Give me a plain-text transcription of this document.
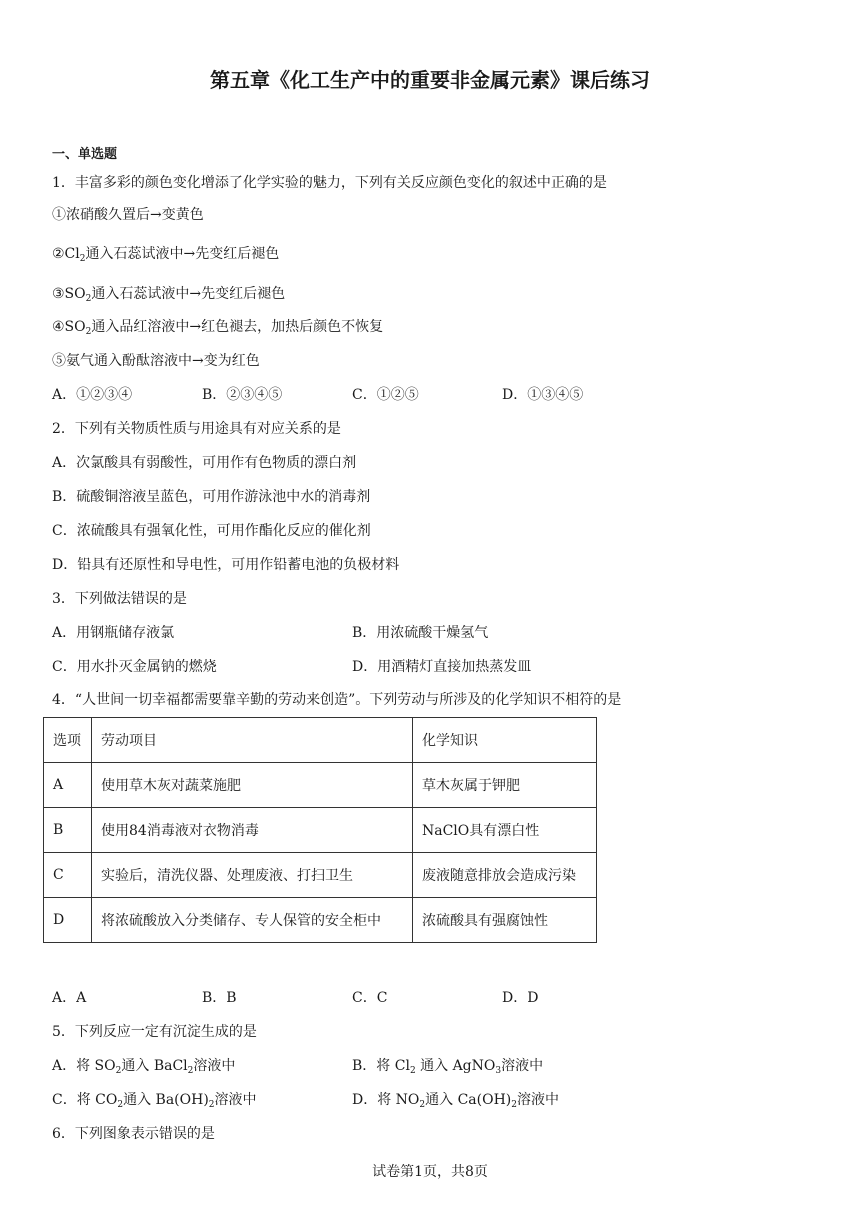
第五章《化工生产中的重要非金属元素》课后练习
一、单选题
1．丰富多彩的颜色变化增添了化学实验的魅力，下列有关反应颜色变化的叙述中正确的是
①浓硝酸久置后→变黄色
$②Cl_2$通入石蕊试液中→先变红后褪色
$③SO_2$通入石蕊试液中→先变红后褪色
$④SO_2$通入品红溶液中→红色褪去，加热后颜色不恢复
⑤氨气通入酚酞溶液中→变为红色
A．①②③④	B．②③④⑤	C．①②⑤	D．①③④⑤
2．下列有关物质性质与用途具有对应关系的是
A．次氯酸具有弱酸性，可用作有色物质的漂白剂
B．硫酸铜溶液呈蓝色，可用作游泳池中水的消毒剂
C．浓硫酸具有强氧化性，可用作酯化反应的催化剂
D．铅具有还原性和导电性，可用作铅蓄电池的负极材料
3．下列做法错误的是
A．用钢瓶储存液氯	B．用浓硫酸干燥氢气
C．用水扑灭金属钠的燃烧	D．用酒精灯直接加热蒸发皿
4．“人世间一切幸福都需要靠辛勤的劳动来创造”。下列劳动与所涉及的化学知识不相符的是
选项	劳动项目	化学知识
A	使用草木灰对蔬菜施肥	草木灰属于钾肥
B	使用84消毒液对衣物消毒	NaClO具有漂白性
C	实验后，清洗仪器、处理废液、打扫卫生	废液随意排放会造成污染
D	将浓硫酸放入分类储存、专人保管的安全柜中	浓硫酸具有强腐蚀性
A．A	B．B	C．C	D．D
5．下列反应一定有沉淀生成的是
A．将 $SO_2$通入 BaCl$_2$溶液中	B．将 $Cl_2$ 通入 AgNO$_3$溶液中
C．将 $CO_2$通入 $Ba(OH)_2$溶液中	D．将 $NO_2$通入 $Ca(OH)_2$溶液中
6．下列图象表示错误的是
试卷第1页，共8页
